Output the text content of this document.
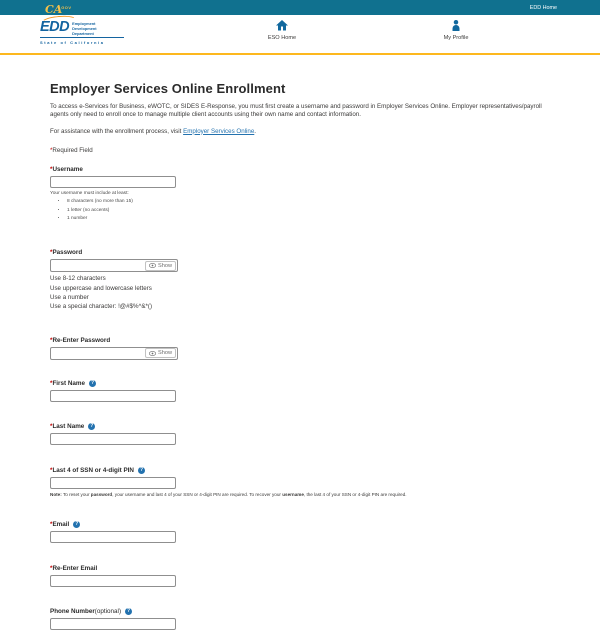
CA GOV	EDD Home
EDD Employment
Development
Department
State of California
ESO Home	My Profile
Employer Services Online Enrollment

To access e-Services for Business, eWOTC, or SIDES E-Response, you must first create a username and password in Employer Services Online. Employer representatives/payroll agents only need to enroll once to manage multiple client accounts using their own name and contact information.

For assistance with the enrollment process, visit Employer Services Online.

*Required Field

* Username
Your username must include at least:
• 8 characters (no more than 15)
• 1 letter (no accents)
• 1 number
* Password
Show
Use 8-12 characters
Use uppercase and lowercase letters
Use a number
Use a special character: !@#$%^&*()
* Re-Enter Password
Show
* First Name	?
* Last Name	?
* Last 4 of SSN or 4-digit PIN	?

Note: To reset your password, your username and last 4 of your SSN or 4-digit PIN are required. To recover your username, the last 4 of your SSN or 4-digit PIN are required.

* Email	?
* Re-Enter Email
Phone Number (optional)	?
